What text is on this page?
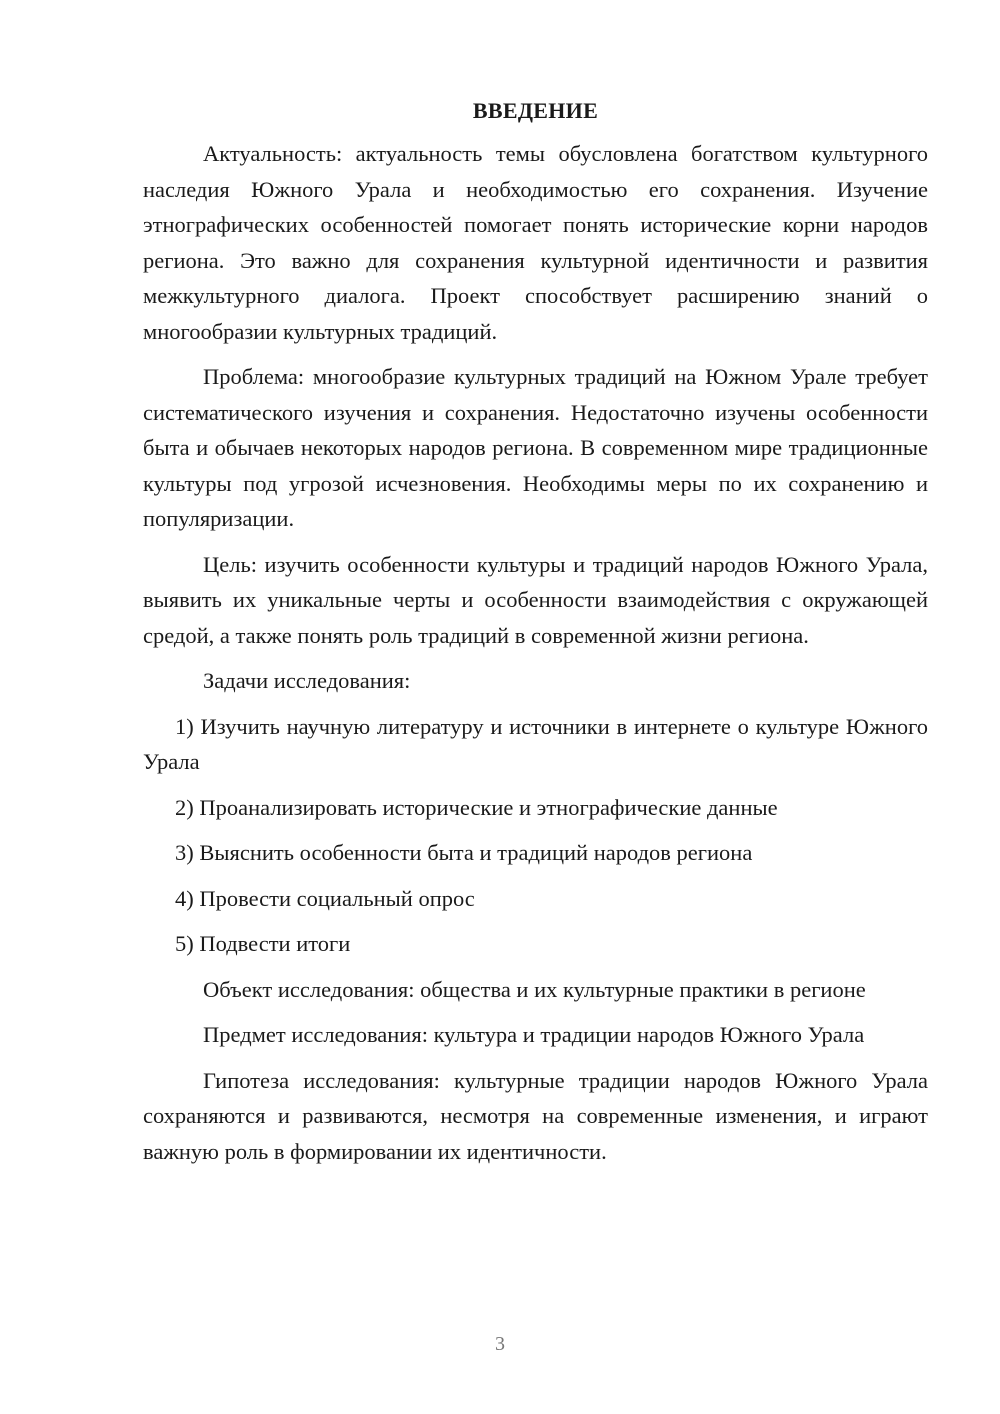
ВВЕДЕНИЕ

Актуальность: актуальность темы обусловлена богатством культурного наследия Южного Урала и необходимостью его сохранения. Изучение этнографических особенностей помогает понять исторические корни народов региона. Это важно для сохранения культурной идентичности и развития межкультурного диалога. Проект способствует расширению знаний о многообразии культурных традиций.

Проблема: многообразие культурных традиций на Южном Урале требует систематического изучения и сохранения. Недостаточно изучены особенности быта и обычаев некоторых народов региона. В современном мире традиционные культуры под угрозой исчезновения. Необходимы меры по их сохранению и популяризации.

Цель: изучить особенности культуры и традиций народов Южного Урала, выявить их уникальные черты и особенности взаимодействия с окружающей средой, а также понять роль традиций в современной жизни региона.

Задачи исследования:

1) Изучить научную литературу и источники в интернете о культуре Южного Урала

2) Проанализировать исторические и этнографические данные

3) Выяснить особенности быта и традиций народов региона

4) Провести социальный опрос

5) Подвести итоги

Объект исследования: общества и их культурные практики в регионе

Предмет исследования: культура и традиции народов Южного Урала

Гипотеза исследования: культурные традиции народов Южного Урала сохраняются и развиваются, несмотря на современные изменения, и играют важную роль в формировании их идентичности.

3
